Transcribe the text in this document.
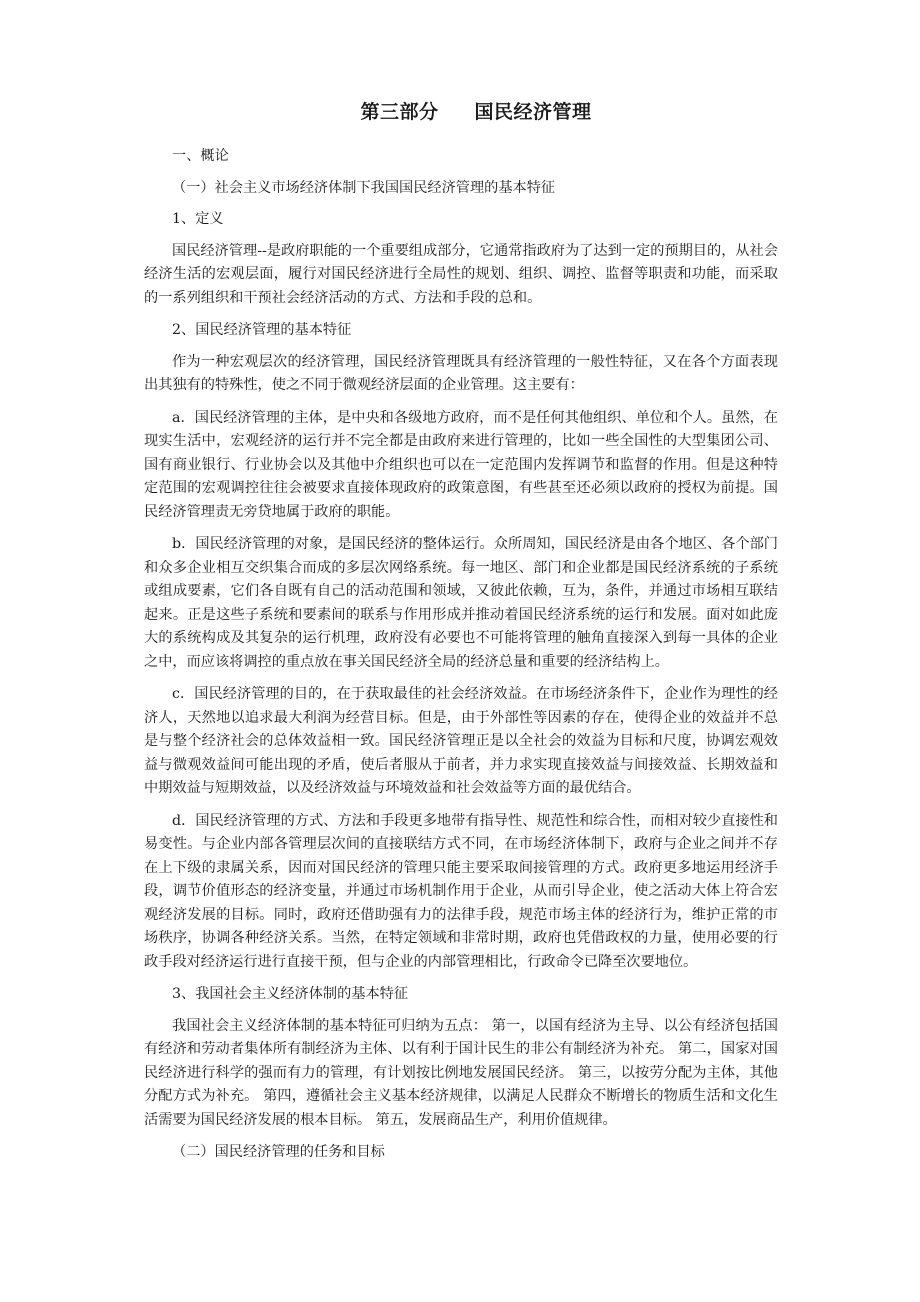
第三部分 国民经济管理

一、概论

（一）社会主义市场经济体制下我国国民经济管理的基本特征

1、定义

国民经济管理--是政府职能的一个重要组成部分，它通常指政府为了达到一定的预期目的，从社会经济生活的宏观层面，履行对国民经济进行全局性的规划、组织、调控、监督等职责和功能，而采取的一系列组织和干预社会经济活动的方式、方法和手段的总和。

2、国民经济管理的基本特征

作为一种宏观层次的经济管理，国民经济管理既具有经济管理的一般性特征，又在各个方面表现出其独有的特殊性，使之不同于微观经济层面的企业管理。这主要有：

a．国民经济管理的主体，是中央和各级地方政府，而不是任何其他组织、单位和个人。虽然，在现实生活中，宏观经济的运行并不完全都是由政府来进行管理的，比如一些全国性的大型集团公司、国有商业银行、行业协会以及其他中介组织也可以在一定范围内发挥调节和监督的作用。但是这种特定范围的宏观调控往往会被要求直接体现政府的政策意图，有些甚至还必须以政府的授权为前提。国民经济管理责无旁贷地属于政府的职能。

b．国民经济管理的对象，是国民经济的整体运行。众所周知，国民经济是由各个地区、各个部门和众多企业相互交织集合而成的多层次网络系统。每一地区、部门和企业都是国民经济系统的子系统或组成要素，它们各自既有自己的活动范围和领域，又彼此依赖，互为，条件，并通过市场相互联结起来。正是这些子系统和要素间的联系与作用形成并推动着国民经济系统的运行和发展。面对如此庞大的系统构成及其复杂的运行机理，政府没有必要也不可能将管理的触角直接深入到每一具体的企业之中，而应该将调控的重点放在事关国民经济全局的经济总量和重要的经济结构上。

c．国民经济管理的目的，在于获取最佳的社会经济效益。在市场经济条件下，企业作为理性的经济人，天然地以追求最大利润为经营目标。但是，由于外部性等因素的存在，使得企业的效益并不总是与整个经济社会的总体效益相一致。国民经济管理正是以全社会的效益为目标和尺度，协调宏观效益与微观效益间可能出现的矛盾，使后者服从于前者，并力求实现直接效益与间接效益、长期效益和中期效益与短期效益，以及经济效益与环境效益和社会效益等方面的最优结合。

d．国民经济管理的方式、方法和手段更多地带有指导性、规范性和综合性，而相对较少直接性和易变性。与企业内部各管理层次间的直接联结方式不同，在市场经济体制下，政府与企业之间并不存在上下级的隶属关系，因而对国民经济的管理只能主要采取间接管理的方式。政府更多地运用经济手段，调节价值形态的经济变量，并通过市场机制作用于企业，从而引导企业，使之活动大体上符合宏观经济发展的目标。同时，政府还借助强有力的法律手段，规范市场主体的经济行为，维护正常的市场秩序，协调各种经济关系。当然，在特定领域和非常时期，政府也凭借政权的力量，使用必要的行政手段对经济运行进行直接干预，但与企业的内部管理相比，行政命令已降至次要地位。

3、我国社会主义经济体制的基本特征

我国社会主义经济体制的基本特征可归纳为五点： 第一，以国有经济为主导、以公有经济包括国有经济和劳动者集体所有制经济为主体、以有利于国计民生的非公有制经济为补充。 第二，国家对国民经济进行科学的强而有力的管理，有计划按比例地发展国民经济。 第三，以按劳分配为主体，其他分配方式为补充。 第四，遵循社会主义基本经济规律，以满足人民群众不断增长的物质生活和文化生活需要为国民经济发展的根本目标。 第五，发展商品生产，利用价值规律。

（二）国民经济管理的任务和目标
